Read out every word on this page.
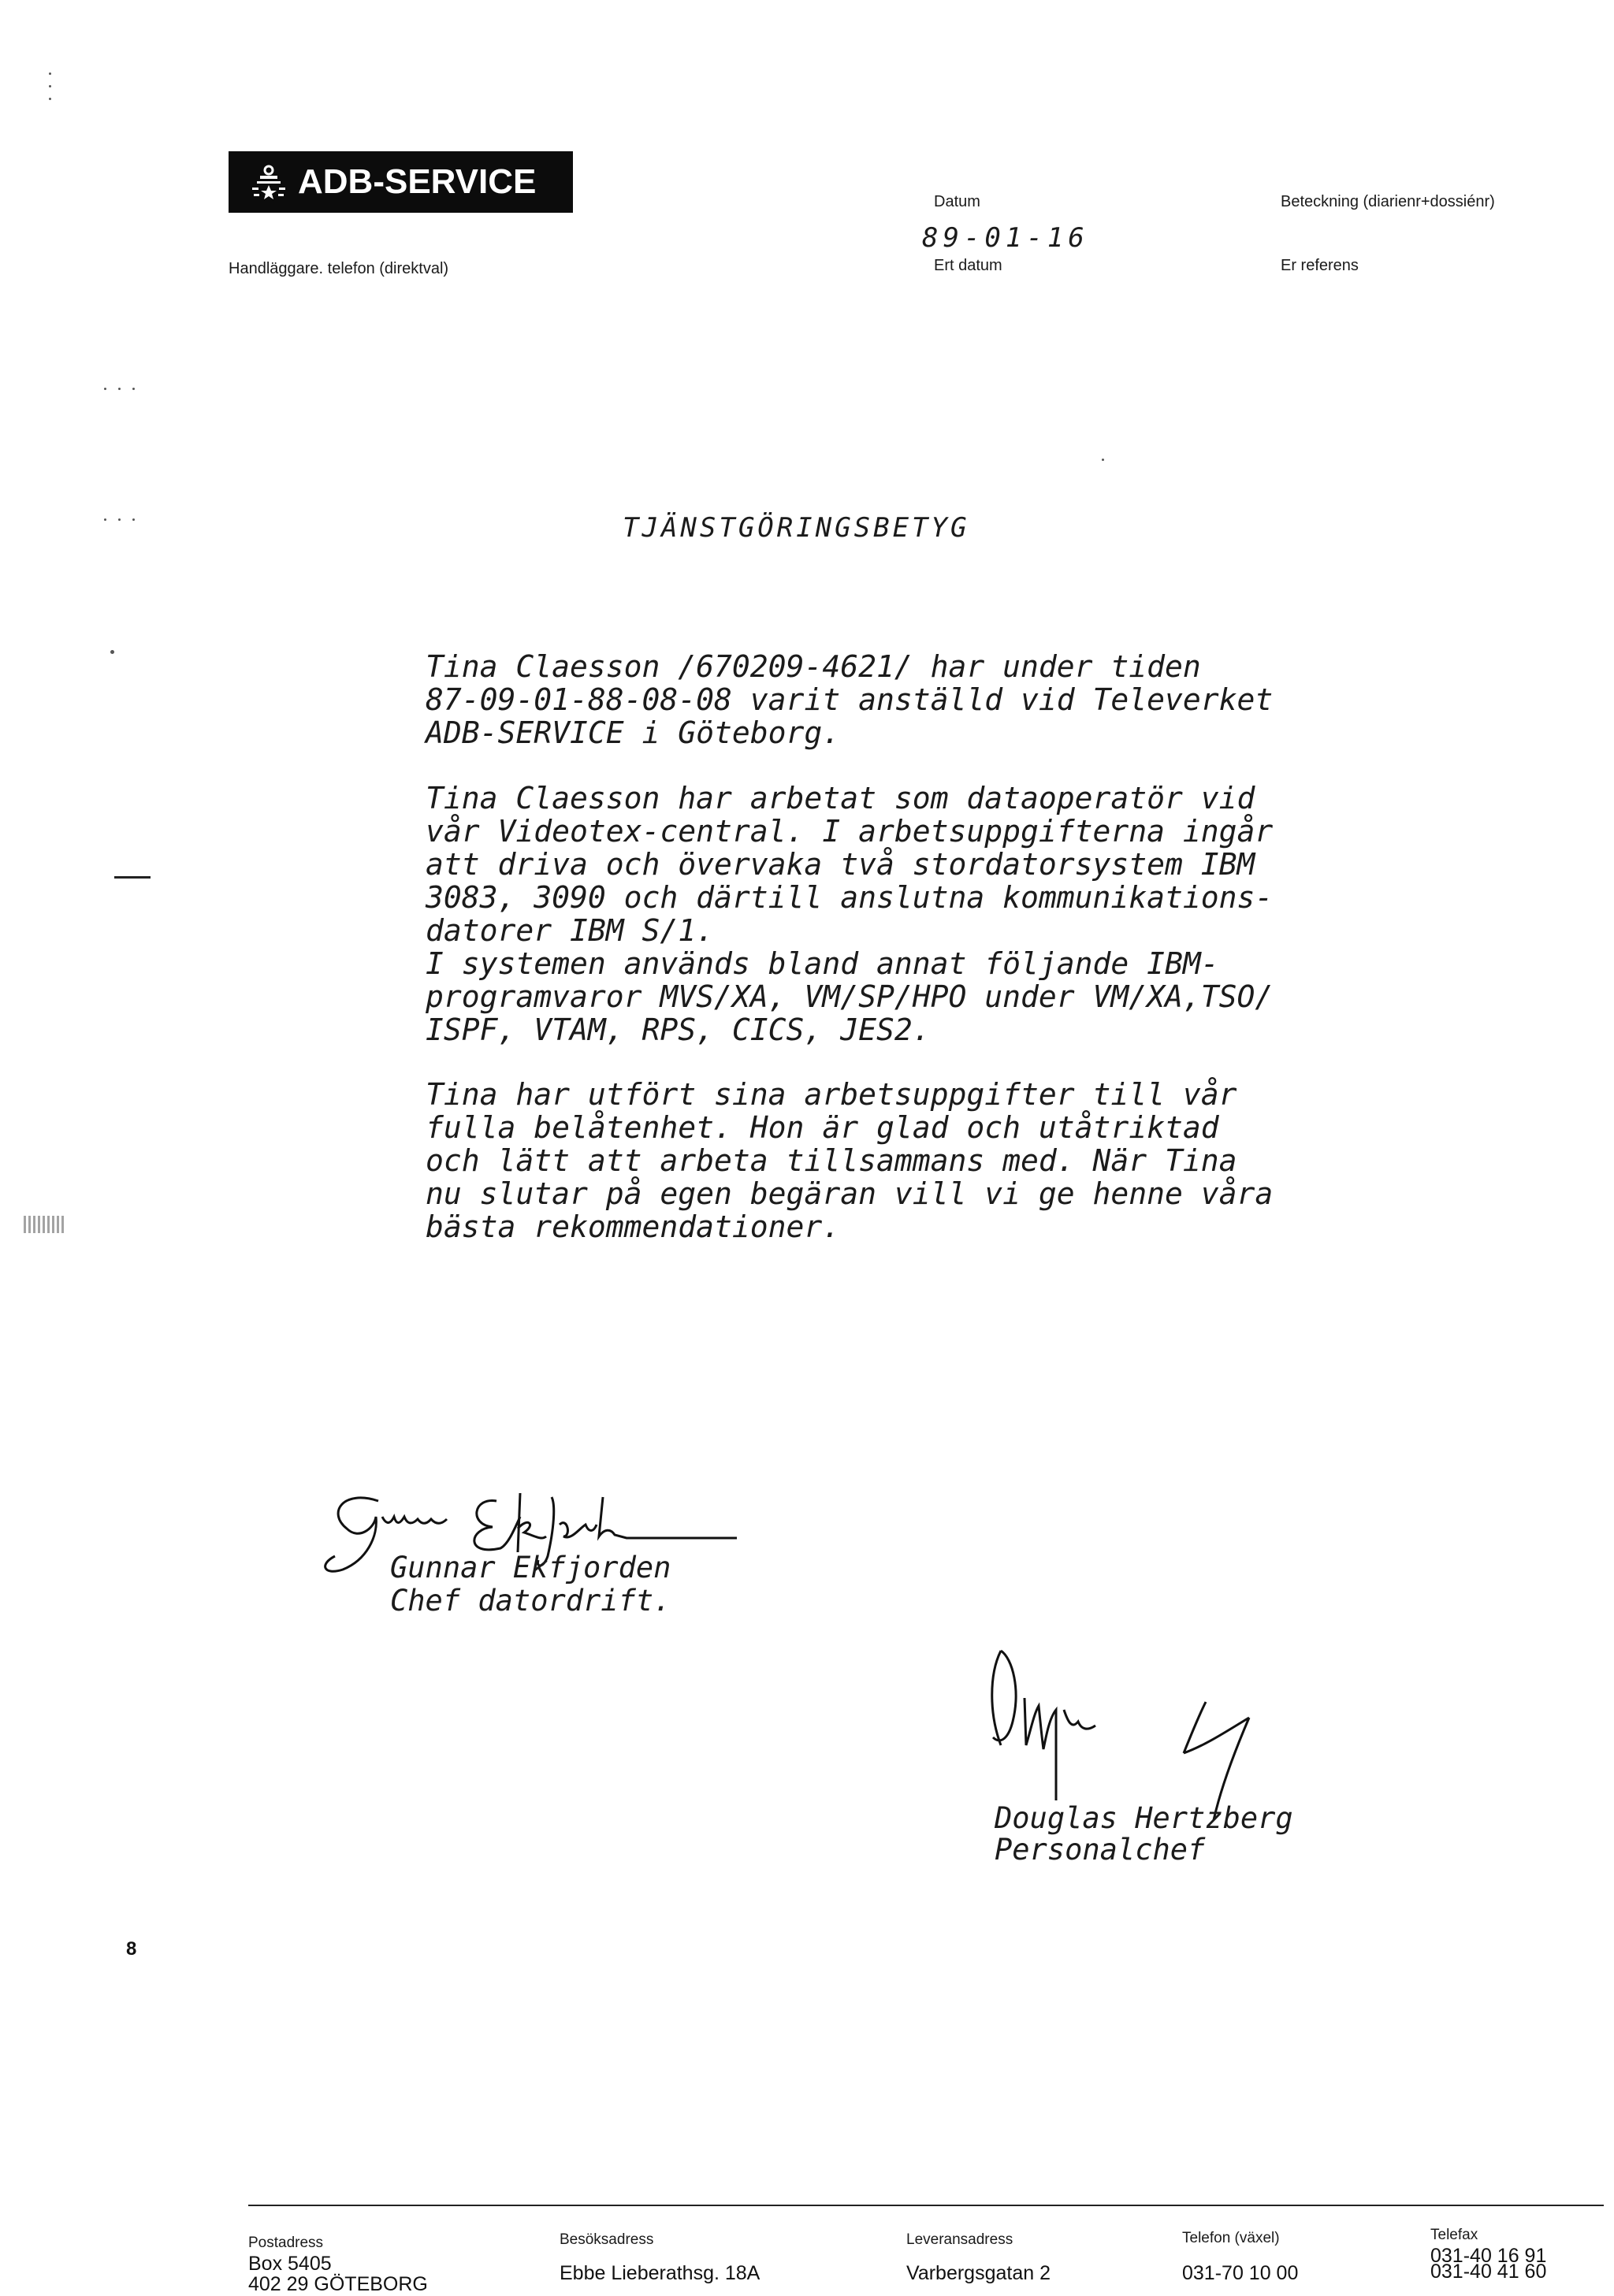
ADB-SERVICE
Handläggare. telefon (direktval)
Datum
89-01-16
Ert datum
Beteckning (diarienr+dossiénr)
Er referens
TJÄNSTGÖRINGSBETYG
Tina Claesson /670209-4621/ har under tiden
87-09-01-88-08-08 varit anställd vid Televerket
ADB-SERVICE i Göteborg.
Tina Claesson har arbetat som dataoperatör vid
vår Videotex-central. I arbetsuppgifterna ingår
att driva och övervaka två stordatorsystem IBM
3083, 3090 och därtill anslutna kommunikations-
datorer IBM S/1.
I systemen används bland annat följande IBM-
programvaror MVS/XA, VM/SP/HPO under VM/XA,TSO/
ISPF, VTAM, RPS, CICS, JES2.
Tina har utfört sina arbetsuppgifter till vår
fulla belåtenhet. Hon är glad och utåtriktad
och lätt att arbeta tillsammans med. När Tina
nu slutar på egen begäran vill vi ge henne våra
bästa rekommendationer.
Gunnar Ekfjorden
Chef datordrift.
Douglas Hertzberg
Personalchef
8
Postadress
Box 5405
402 29 GÖTEBORG
Besöksadress
Ebbe Lieberathsg. 18A
Leveransadress
Varbergsgatan 2
Telefon (växel)
031-70 10 00
Telefax
031-40 16 91
031-40 41 60
